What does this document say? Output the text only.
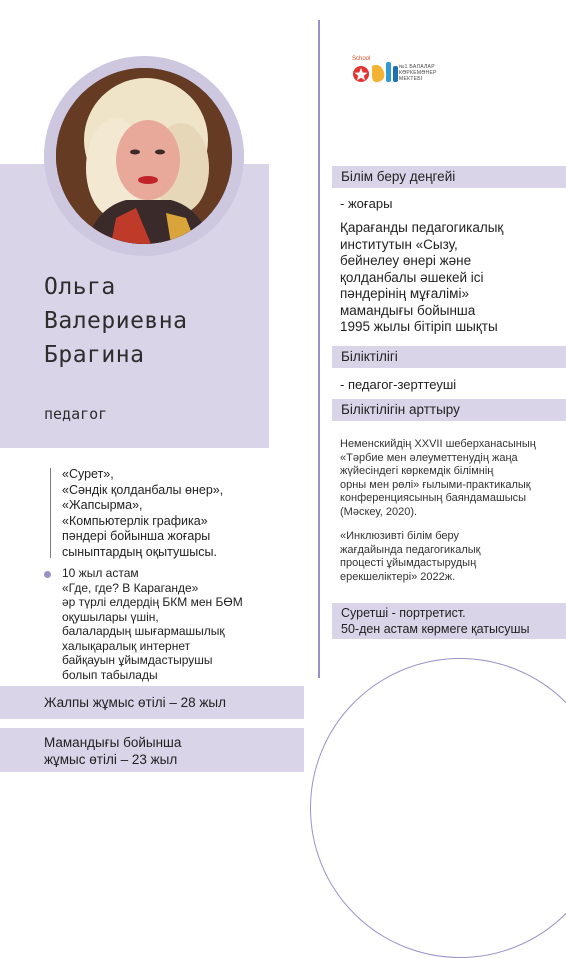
Ольга
Валериевна
Брагина
педагог
«Сурет»,
«Сәндік қолданбалы өнер»,
«Жапсырма»,
«Компьютерлік графика»
пәндері бойынша жоғары
сыныптардың оқытушысы.
10 жыл астам
«Где, где? В Караганде»
әр түрлі елдердің БКМ мен БӨМ
оқушылары үшін,
балалардың шығармашылық
халықаралық интернет
байқауын ұйымдастырушы
болып табылады
Жалпы жұмыс өтілі – 28 жыл
Мамандығы бойынша
жұмыс өтілі – 23 жыл
School
№1 БАЛАЛАР
КӨРКЕМӨНЕР
МЕКТЕБІ
Білім беру деңгейі
- жоғары
Қарағанды педагогикалық
институтын «Сызу,
бейнелеу өнері және
қолданбалы әшекей ісі
пәндерінің мұғалімі»
мамандығы бойынша
1995 жылы бітіріп шықты
Біліктілігі
- педагог-зерттеуші
Біліктілігін арттыру
Неменскийдің XXVII шеберханасының
«Тәрбие мен әлеуметтенудің жаңа
жүйесіндегі көркемдік білімнің
орны мен рөлі» ғылыми-практикалық
конференциясының баяндамашысы
(Мәскеу, 2020).
«Инклюзивті білім беру
жағдайында педагогикалық
процесті ұйымдастырудың
ерекшеліктері» 2022ж.
Суретші - портретист.
50-ден астам көрмеге қатысушы
